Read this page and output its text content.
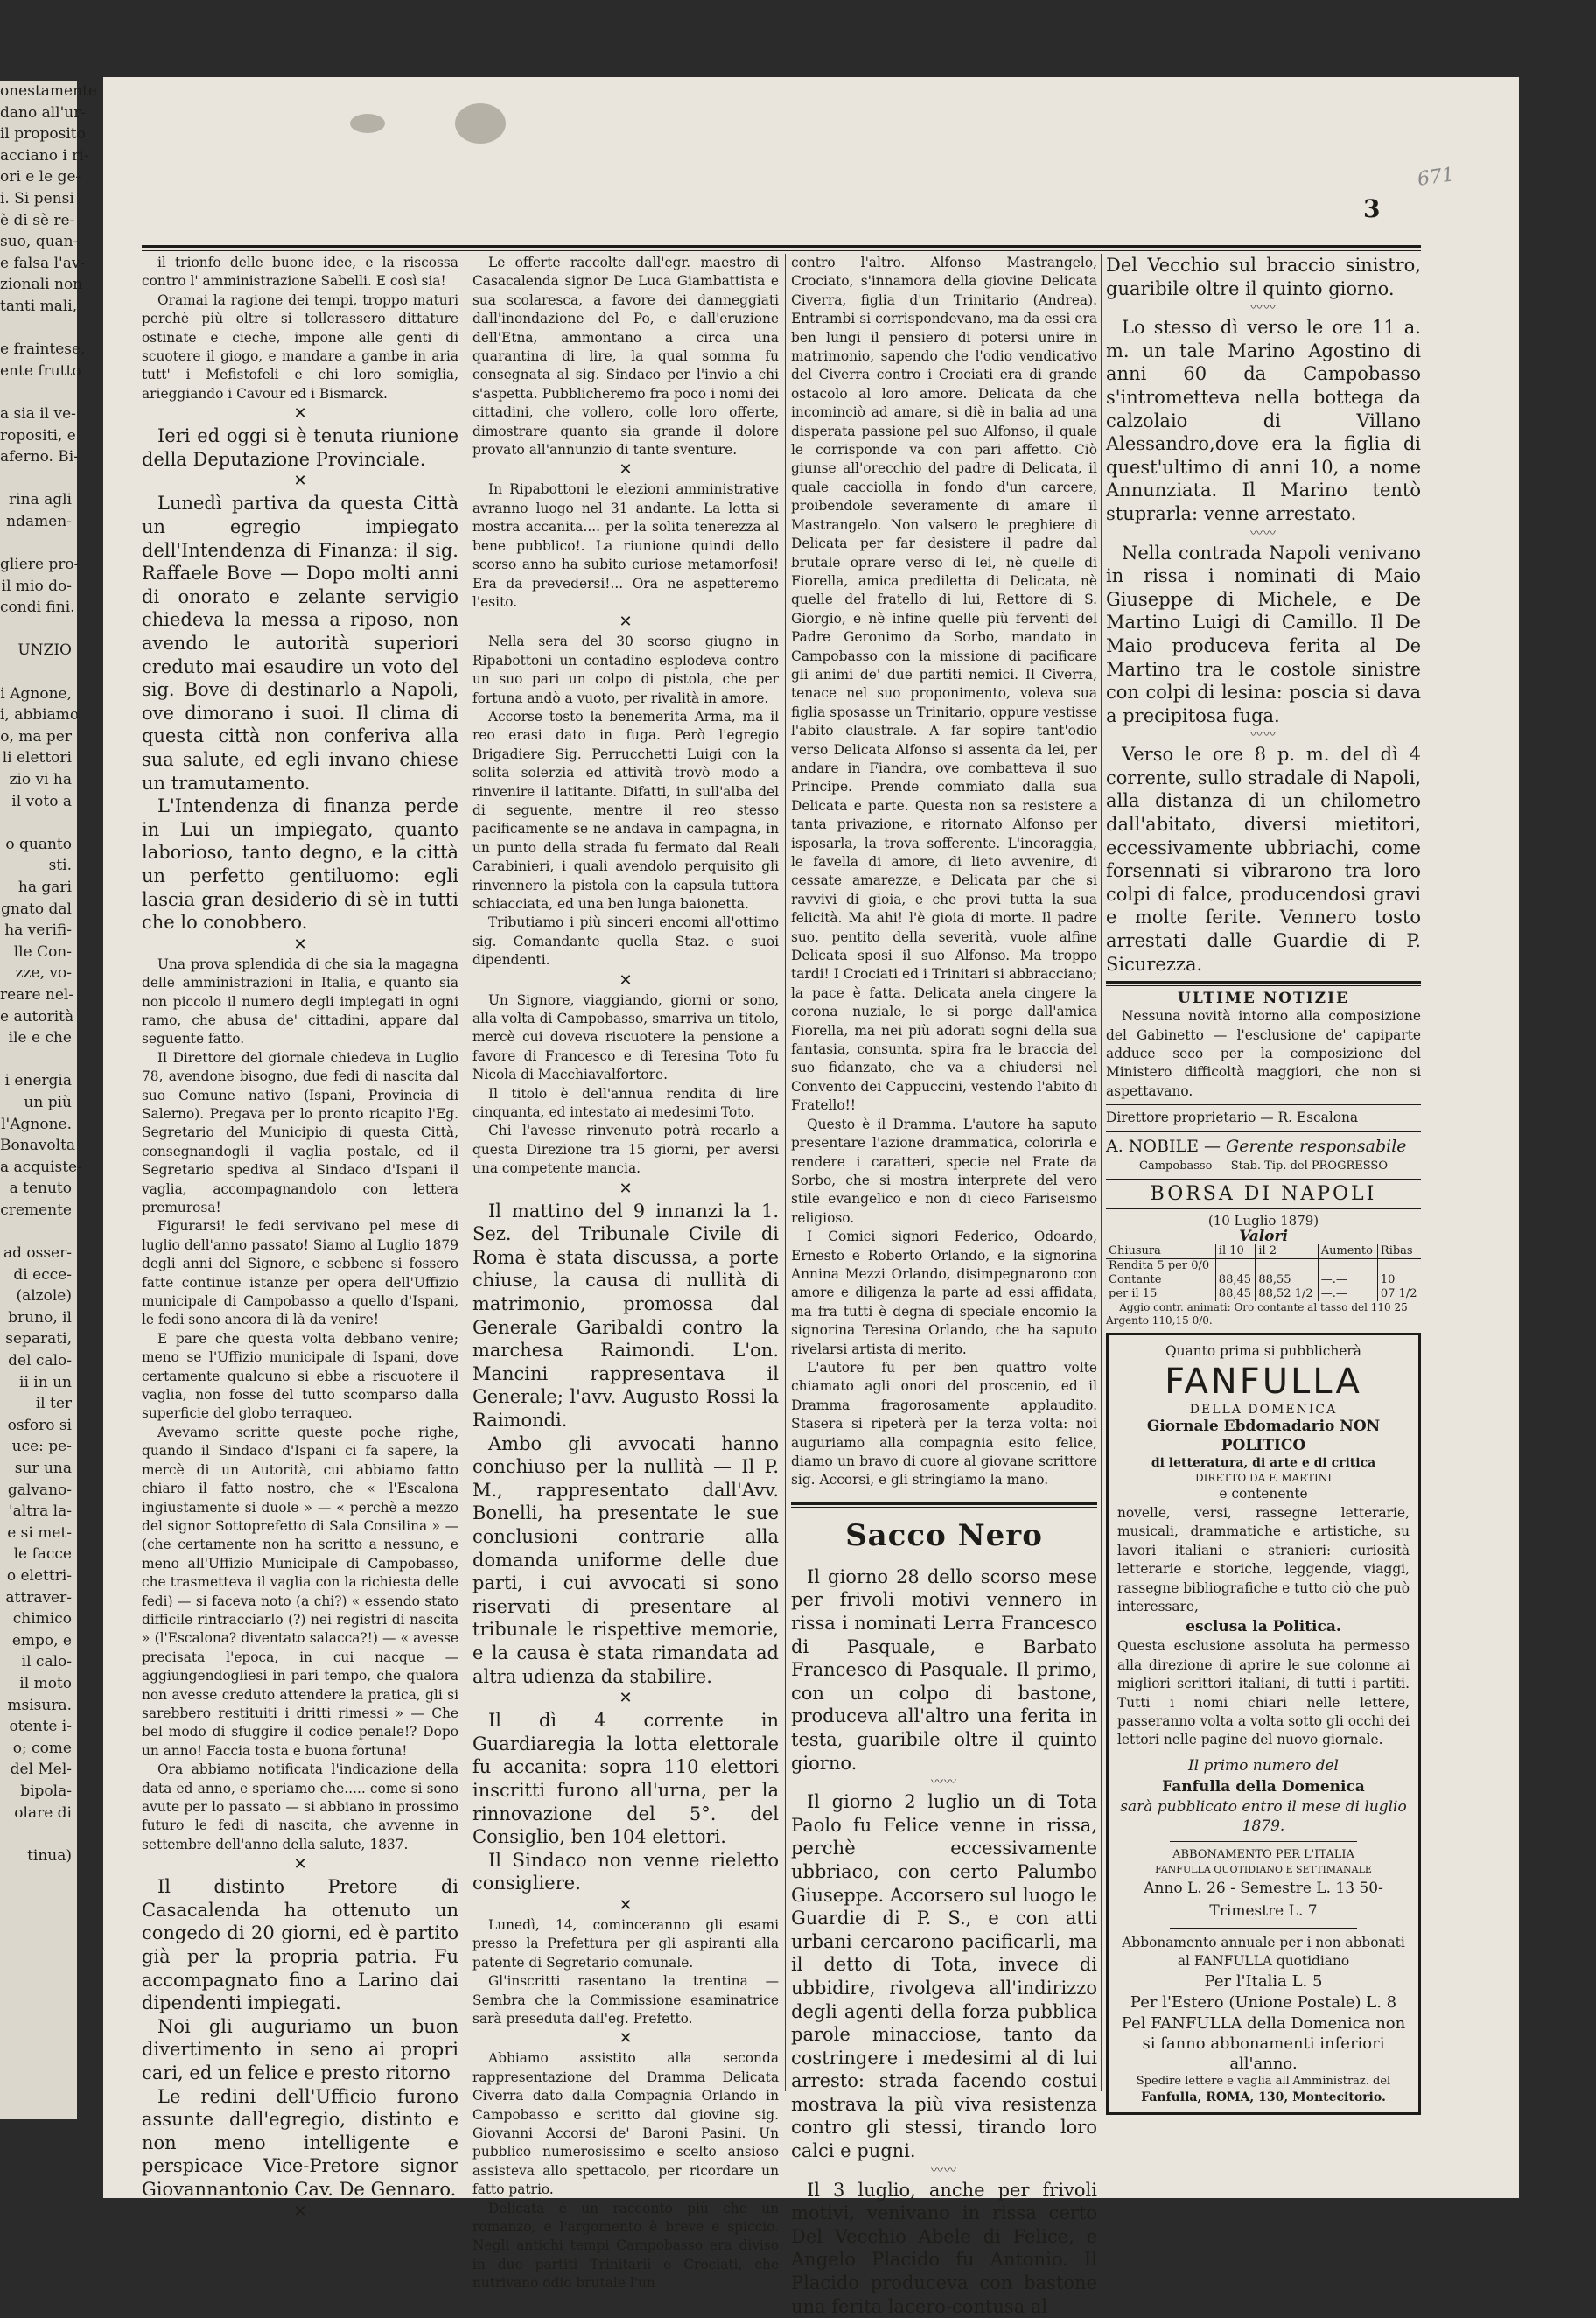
onestamente
dano all'ur-
il proposito
acciano i ri-
ori e le ge-
i. Si pensi
è di sè re-
suo, quan-
e falsa l'av-
zionali non
tanti mali,

e fraintese,
ente frutto

a sia il ve-
ropositi, e
aferno. Bi-

rina agli
ndamen-

gliere pro-
il mio do-
condi fini.

UNZIO

i Agnone,
i, abbiamo
o, ma per
li elettori
zio vi ha
il voto a

o quanto
sti.
ha gari
gnato dal
ha verifi-
lle Con-
zze, vo-
reare nel-
e autorità
ile e che

i energia
un più
l'Agnone.
Bonavolta
a acquiste-
a tenuto
cremente

ad osser-
di ecce-
(alzole)
bruno, il
separati,
del calo-
ii in un
il ter
osforo si
uce: pe-
sur una
galvano-
'altra la-
e si met-
le facce
o elettri-
attraver-
chimico
empo, e
il calo-
il moto
msisura.
otente i-
o; come
del Mel-
bipola-
olare di

tinua)
671
3

il trionfo delle buone idee, e la riscossa contro l' amministrazione Sabelli. E così sia!

Oramai la ragione dei tempi, troppo maturi perchè più oltre si tollerassero dittature ostinate e cieche, impone alle genti di scuotere il giogo, e mandare a gambe in aria tutt' i Mefistofeli e chi loro somiglia, arieggiando i Cavour ed i Bismarck.

✕

Ieri ed oggi si è tenuta riunione della Deputazione Provinciale.

✕

Lunedì partiva da questa Città un egregio impiegato dell'Intendenza di Finanza: il sig. Raffaele Bove — Dopo molti anni di onorato e zelante servigio chiedeva la messa a riposo, non avendo le autorità superiori creduto mai esaudire un voto del sig. Bove di destinarlo a Napoli, ove dimorano i suoi. Il clima di questa città non conferiva alla sua salute, ed egli invano chiese un tramutamento.

L'Intendenza di finanza perde in Lui un impiegato, quanto laborioso, tanto degno, e la città un perfetto gentiluomo: egli lascia gran desiderio di sè in tutti che lo conobbero.

✕

Una prova splendida di che sia la magagna delle amministrazioni in Italia, e quanto sia non piccolo il numero degli impiegati in ogni ramo, che abusa de' cittadini, appare dal seguente fatto.

Il Direttore del giornale chiedeva in Luglio 78, avendone bisogno, due fedi di nascita dal suo Comune nativo (Ispani, Provincia di Salerno). Pregava per lo pronto ricapito l'Eg. Segretario del Municipio di questa Città, consegnandogli il vaglia postale, ed il Segretario spediva al Sindaco d'Ispani il vaglia, accompagnandolo con lettera premurosa!

Figurarsi! le fedi servivano pel mese di luglio dell'anno passato! Siamo al Luglio 1879 degli anni del Signore, e sebbene si fossero fatte continue istanze per opera dell'Uffizio municipale di Campobasso a quello d'Ispani, le fedi sono ancora di là da venire!

E pare che questa volta debbano venire; meno se l'Uffizio municipale di Ispani, dove certamente qualcuno si ebbe a riscuotere il vaglia, non fosse del tutto scomparso dalla superficie del globo terraqueo.

Avevamo scritte queste poche righe, quando il Sindaco d'Ispani ci fa sapere, la mercè di un Autorità, cui abbiamo fatto chiaro il fatto nostro, che « l'Escalona ingiustamente si duole » — « perchè a mezzo del signor Sottoprefetto di Sala Consilina » — (che certamente non ha scritto a nessuno, e meno all'Uffizio Municipale di Campobasso, che trasmetteva il vaglia con la richiesta delle fedi) — si faceva noto (a chi?) « essendo stato difficile rintracciarlo (?) nei registri di nascita » (l'Escalona? diventato salacca?!) — « avesse precisata l'epoca, in cui nacque — aggiungendogliesi in pari tempo, che qualora non avesse creduto attendere la pratica, gli si sarebbero restituiti i dritti rimessi » — Che bel modo di sfuggire il codice penale!? Dopo un anno! Faccia tosta e buona fortuna!

Ora abbiamo notificata l'indicazione della data ed anno, e speriamo che..... come si sono avute per lo passato — si abbiano in prossimo futuro le fedi di nascita, che avvenne in settembre dell'anno della salute, 1837.

✕

Il distinto Pretore di Casacalenda ha ottenuto un congedo di 20 giorni, ed è partito già per la propria patria. Fu accompagnato fino a Larino dai dipendenti impiegati.

Noi gli auguriamo un buon divertimento in seno ai propri cari, ed un felice e presto ritorno

Le redini dell'Ufficio furono assunte dall'egregio, distinto e non meno intelligente e perspicace Vice-Pretore signor Giovannantonio Cav. De Gennaro.

✕

Le offerte raccolte dall'egr. maestro di Casacalenda signor De Luca Giambattista e sua scolaresca, a favore dei danneggiati dall'inondazione del Po, e dall'eruzione dell'Etna, ammontano a circa una quarantina di lire, la qual somma fu consegnata al sig. Sindaco per l'invio a chi s'aspetta. Pubblicheremo fra poco i nomi dei cittadini, che vollero, colle loro offerte, dimostrare quanto sia grande il dolore provato all'annunzio di tante sventure.

✕

In Ripabottoni le elezioni amministrative avranno luogo nel 31 andante. La lotta si mostra accanita.... per la solita tenerezza al bene pubblico!. La riunione quindi dello scorso anno ha subito curiose metamorfosi! Era da prevedersi!... Ora ne aspetteremo l'esito.

✕

Nella sera del 30 scorso giugno in Ripabottoni un contadino esplodeva contro un suo pari un colpo di pistola, che per fortuna andò a vuoto, per rivalità in amore.

Accorse tosto la benemerita Arma, ma il reo erasi dato in fuga. Però l'egregio Brigadiere Sig. Perrucchetti Luigi con la solita solerzia ed attività trovò modo a rinvenire il latitante. Difatti, in sull'alba del di seguente, mentre il reo stesso pacificamente se ne andava in campagna, in un punto della strada fu fermato dal Reali Carabinieri, i quali avendolo perquisito gli rinvennero la pistola con la capsula tuttora schiacciata, ed una ben lunga baionetta.

Tributiamo i più sinceri encomi all'ottimo sig. Comandante quella Staz. e suoi dipendenti.

✕

Un Signore, viaggiando, giorni or sono, alla volta di Campobasso, smarriva un titolo, mercè cui doveva riscuotere la pensione a favore di Francesco e di Teresina Toto fu Nicola di Macchiavalfortore.

Il titolo è dell'annua rendita di lire cinquanta, ed intestato ai medesimi Toto.

Chi l'avesse rinvenuto potrà recarlo a questa Direzione tra 15 giorni, per aversi una competente mancia.

✕

Il mattino del 9 innanzi la 1. Sez. del Tribunale Civile di Roma è stata discussa, a porte chiuse, la causa di nullità di matrimonio, promossa dal Generale Garibaldi contro la marchesa Raimondi. L'on. Mancini rappresentava il Generale; l'avv. Augusto Rossi la Raimondi.

Ambo gli avvocati hanno conchiuso per la nullità — Il P. M., rappresentato dall'Avv. Bonelli, ha presentate le sue conclusioni contrarie alla domanda uniforme delle due parti, i cui avvocati si sono riservati di presentare al tribunale le rispettive memorie, e la causa è stata rimandata ad altra udienza da stabilire.

✕

Il dì 4 corrente in Guardiaregia la lotta elettorale fu accanita: sopra 110 elettori inscritti furono all'urna, per la rinnovazione del 5°. del Consiglio, ben 104 elettori.

Il Sindaco non venne rieletto consigliere.

✕

Lunedì, 14, cominceranno gli esami presso la Prefettura per gli aspiranti alla patente di Segretario comunale.

Gl'inscritti rasentano la trentina — Sembra che la Commissione esaminatrice sarà preseduta dall'eg. Prefetto.

✕

Abbiamo assistito alla seconda rappresentazione del Dramma Delicata Civerra dato dalla Compagnia Orlando in Campobasso e scritto dal giovine sig. Giovanni Accorsi de' Baroni Pasini. Un pubblico numerosissimo e scelto ansioso assisteva allo spettacolo, per ricordare un fatto patrio.

Delicata è un racconto più che un romanzo, e l'argomento è breve e spiccio. Negli antichi tempi Campobasso era diviso in due partiti Trinitarii e Crociati, che nutrivano odio brutale l'un

contro l'altro. Alfonso Mastrangelo, Crociato, s'innamora della giovine Delicata Civerra, figlia d'un Trinitario (Andrea). Entrambi si corrispondevano, ma da essi era ben lungi il pensiero di potersi unire in matrimonio, sapendo che l'odio vendicativo del Civerra contro i Crociati era di grande ostacolo al loro amore. Delicata da che incominciò ad amare, si diè in balia ad una disperata passione pel suo Alfonso, il quale le corrisponde va con pari affetto. Ciò giunse all'orecchio del padre di Delicata, il quale cacciolla in fondo d'un carcere, proibendole severamente di amare il Mastrangelo. Non valsero le preghiere di Delicata per far desistere il padre dal brutale oprare verso di lei, nè quelle di Fiorella, amica prediletta di Delicata, nè quelle del fratello di lui, Rettore di S. Giorgio, e nè infine quelle più ferventi del Padre Geronimo da Sorbo, mandato in Campobasso con la missione di pacificare gli animi de' due partiti nemici. Il Civerra, tenace nel suo proponimento, voleva sua figlia sposasse un Trinitario, oppure vestisse l'abito claustrale. A far sopire tant'odio verso Delicata Alfonso si assenta da lei, per andare in Fiandra, ove combatteva il suo Principe. Prende commiato dalla sua Delicata e parte. Questa non sa resistere a tanta privazione, e ritornato Alfonso per isposarla, la trova sofferente. L'incoraggia, le favella di amore, di lieto avvenire, di cessate amarezze, e Delicata par che si ravvivi di gioia, e che provi tutta la sua felicità. Ma ahi! l'è gioia di morte. Il padre suo, pentito della severità, vuole alfine Delicata sposi il suo Alfonso. Ma troppo tardi! I Crociati ed i Trinitari si abbracciano; la pace è fatta. Delicata anela cingere la corona nuziale, le si porge dall'amica Fiorella, ma nei più adorati sogni della sua fantasia, consunta, spira fra le braccia del suo fidanzato, che va a chiudersi nel Convento dei Cappuccini, vestendo l'abito di Fratello!!

Questo è il Dramma. L'autore ha saputo presentare l'azione drammatica, colorirla e rendere i caratteri, specie nel Frate da Sorbo, che si mostra interprete del vero stile evangelico e non di cieco Fariseismo religioso.

I Comici signori Federico, Odoardo, Ernesto e Roberto Orlando, e la signorina Annina Mezzi Orlando, disimpegnarono con amore e diligenza la parte ad essi affidata, ma fra tutti è degna di speciale encomio la signorina Teresina Orlando, che ha saputo rivelarsi artista di merito.

L'autore fu per ben quattro volte chiamato agli onori del proscenio, ed il Dramma fragorosamente applaudito. Stasera si ripeterà per la terza volta: noi auguriamo alla compagnia esito felice, diamo un bravo di cuore al giovane scrittore sig. Accorsi, e gli stringiamo la mano.

Sacco Nero

Il giorno 28 dello scorso mese per frivoli motivi vennero in rissa i nominati Lerra Francesco di Pasquale, e Barbato Francesco di Pasquale. Il primo, con un colpo di bastone, produceva all'altro una ferita in testa, guaribile oltre il quinto giorno.

〰〰

Il giorno 2 luglio un di Tota Paolo fu Felice venne in rissa, perchè eccessivamente ubbriaco, con certo Palumbo Giuseppe. Accorsero sul luogo le Guardie di P. S., e con atti urbani cercarono pacificarli, ma il detto di Tota, invece di ubbidire, rivolgeva all'indirizzo degli agenti della forza pubblica parole minacciose, tanto da costringere i medesimi al di lui arresto: strada facendo costui mostrava la più viva resistenza contro gli stessi, tirando loro calci e pugni.

〰〰

Il 3 luglio, anche per frivoli motivi, venivano in rissa certo Del Vecchio Abele di Felice, e Angelo Placido fu Antonio. Il Placido produceva con bastone una ferita lacero-contusa al

Del Vecchio sul braccio sinistro, guaribile oltre il quinto giorno.

〰〰

Lo stesso dì verso le ore 11 a. m. un tale Marino Agostino di anni 60 da Campobasso s'intrometteva nella bottega da calzolaio di Villano Alessandro,dove era la figlia di quest'ultimo di anni 10, a nome Annunziata. Il Marino tentò stuprarla: venne arrestato.

〰〰

Nella contrada Napoli venivano in rissa i nominati di Maio Giuseppe di Michele, e De Martino Luigi di Camillo. Il De Maio produceva ferita al De Martino tra le costole sinistre con colpi di lesina: poscia si dava a precipitosa fuga.

〰〰

Verso le ore 8 p. m. del dì 4 corrente, sullo stradale di Napoli, alla distanza di un chilometro dall'abitato, diversi mietitori, eccessivamente ubbriachi, come forsennati si vibrarono tra loro colpi di falce, producendosi gravi e molte ferite. Vennero tosto arrestati dalle Guardie di P. Sicurezza.

ULTIME NOTIZIE

Nessuna novità intorno alla composizione del Gabinetto — l'esclusione de' capiparte adduce seco per la composizione del Ministero difficoltà maggiori, che non si aspettavano.

Direttore proprietario — R. Escalona
A. NOBILE — Gerente responsabile
Campobasso — Stab. Tip. del PROGRESSO
BORSA DI NAPOLI
(10 Luglio 1879)
Valori
Chiusura	il 10	il 2	Aumento	Ribas
Rendita 5 per 0/0				
Contante	88,45	88,55	—.—	10
per il 15	88,45	88,52 1/2	—.—	07 1/2
Aggio contr. animati: Oro contante al tasso del 110 25
Argento 110,15 0/0.

Quanto prima si pubblicherà

FANFULLA

DELLA DOMENICA

Giornale Ebdomadario NON POLITICO

di letteratura, di arte e di critica

DIRETTO DA F. MARTINI

e contenente

novelle, versi, rassegne letterarie, musicali, drammatiche e artistiche, su lavori italiani e stranieri: curiosità letterarie e storiche, leggende, viaggi, rassegne bibliografiche e tutto ciò che può interessare,

esclusa la Politica.

Questa esclusione assoluta ha permesso alla direzione di aprire le sue colonne ai migliori scrittori italiani, di tutti i partiti. Tutti i nomi chiari nelle lettere, passeranno volta a volta sotto gli occhi dei lettori nelle pagine del nuovo giornale.

Il primo numero del

Fanfulla della Domenica

sarà pubblicato entro il mese di luglio 1879.

ABBONAMENTO PER L'ITALIA

FANFULLA QUOTIDIANO E SETTIMANALE

Anno L. 26 - Semestre L. 13 50- Trimestre L. 7

Abbonamento annuale per i non abbonati al FANFULLA quotidiano

Per l'Italia L. 5

Per l'Estero (Unione Postale) L. 8

Pel FANFULLA della Domenica non si fanno abbonamenti inferiori all'anno.

Spedire lettere e vaglia all'Amministraz. del

Fanfulla, ROMA, 130, Montecitorio.
